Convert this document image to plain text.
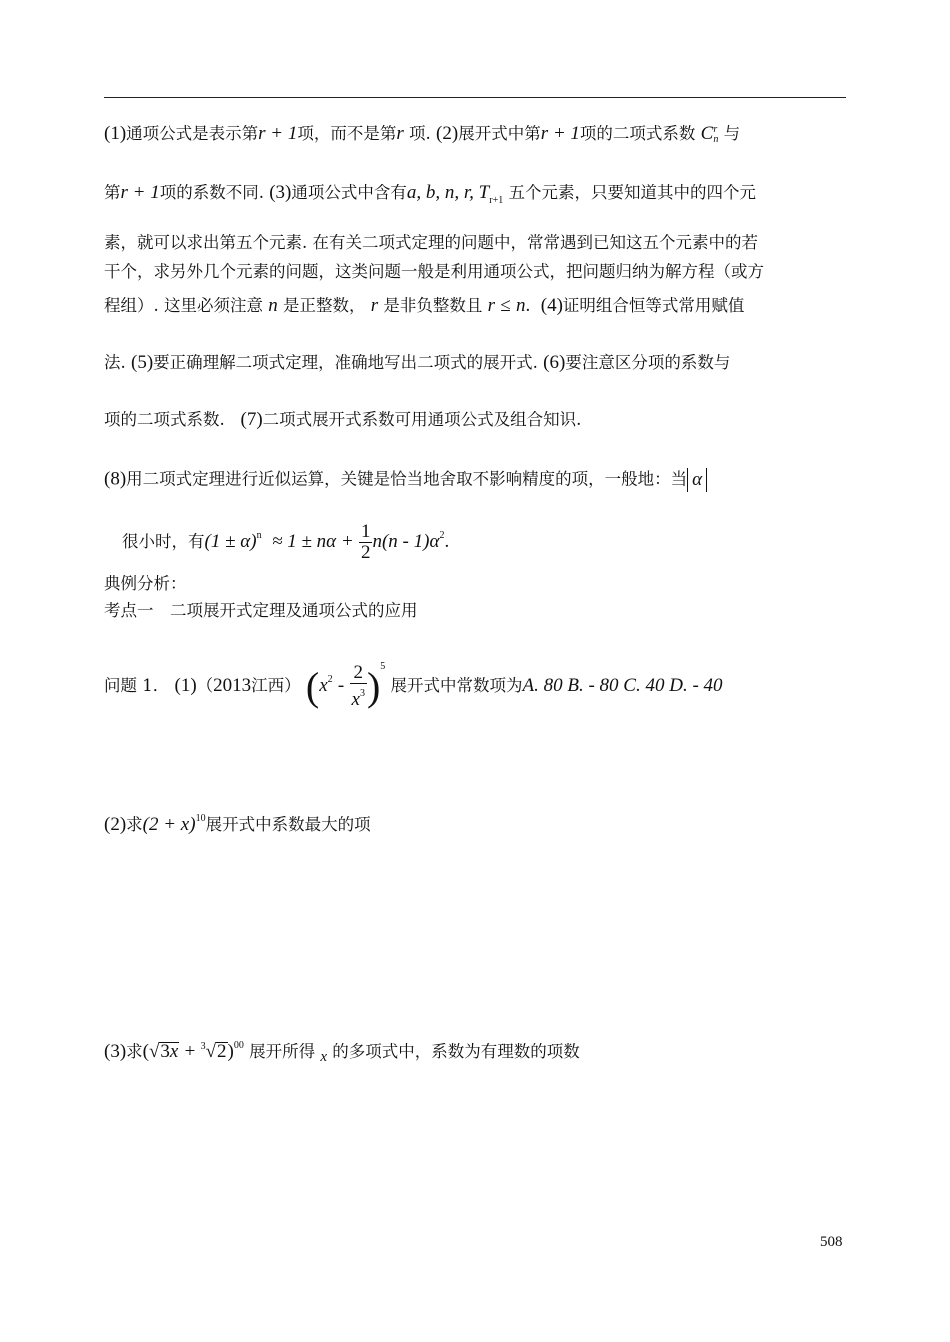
(1)通项公式是表示第r + 1项，而不是第r 项. (2)展开式中第r + 1项的二项式系数 C r
n 与
第r + 1项的系数不同. (3)通项公式中含有a, b, n, r, $T_{r+1}$ 五个元素，只要知道其中的四个元
素，就可以求出第五个元素. 在有关二项式定理的问题中，常常遇到已知这五个元素中的若
干个，求另外几个元素的问题，这类问题一般是利用通项公式，把问题归纳为解方程（或方
程组）. 这里必须注意 n 是正整数， r 是非负整数且 r ≤ n. (4)证明组合恒等式常用赋值
法. (5)要正确理解二项式定理，准确地写出二项式的展开式. (6)要注意区分项的系数与
项的二项式系数. (7)二项式展开式系数可用通项公式及组合知识.
(8)用二项式定理进行近似运算，关键是恰当地舍取不影响精度的项，一般地：当 α
很小时，有$(1 \pm \alpha)^n \approx 1 \pm n\alpha + \frac{1}{2} n(n - 1)\alpha^2$.
典例分析：
考点一　二项展开式定理及通项公式的应用
问题 1． (1)（2013江西） $(x^2 - \frac{2}{x^3} )^5$ 展开式中常数项为A. 80 B. - 80 C. 40 D. - 40
(2)求$(2 + x)^{10}$展开式中系数最大的项
(3)求$(√3x + ^3√2)^{00}$ 展开所得 x 的多项式中，系数为有理数的项数
508
